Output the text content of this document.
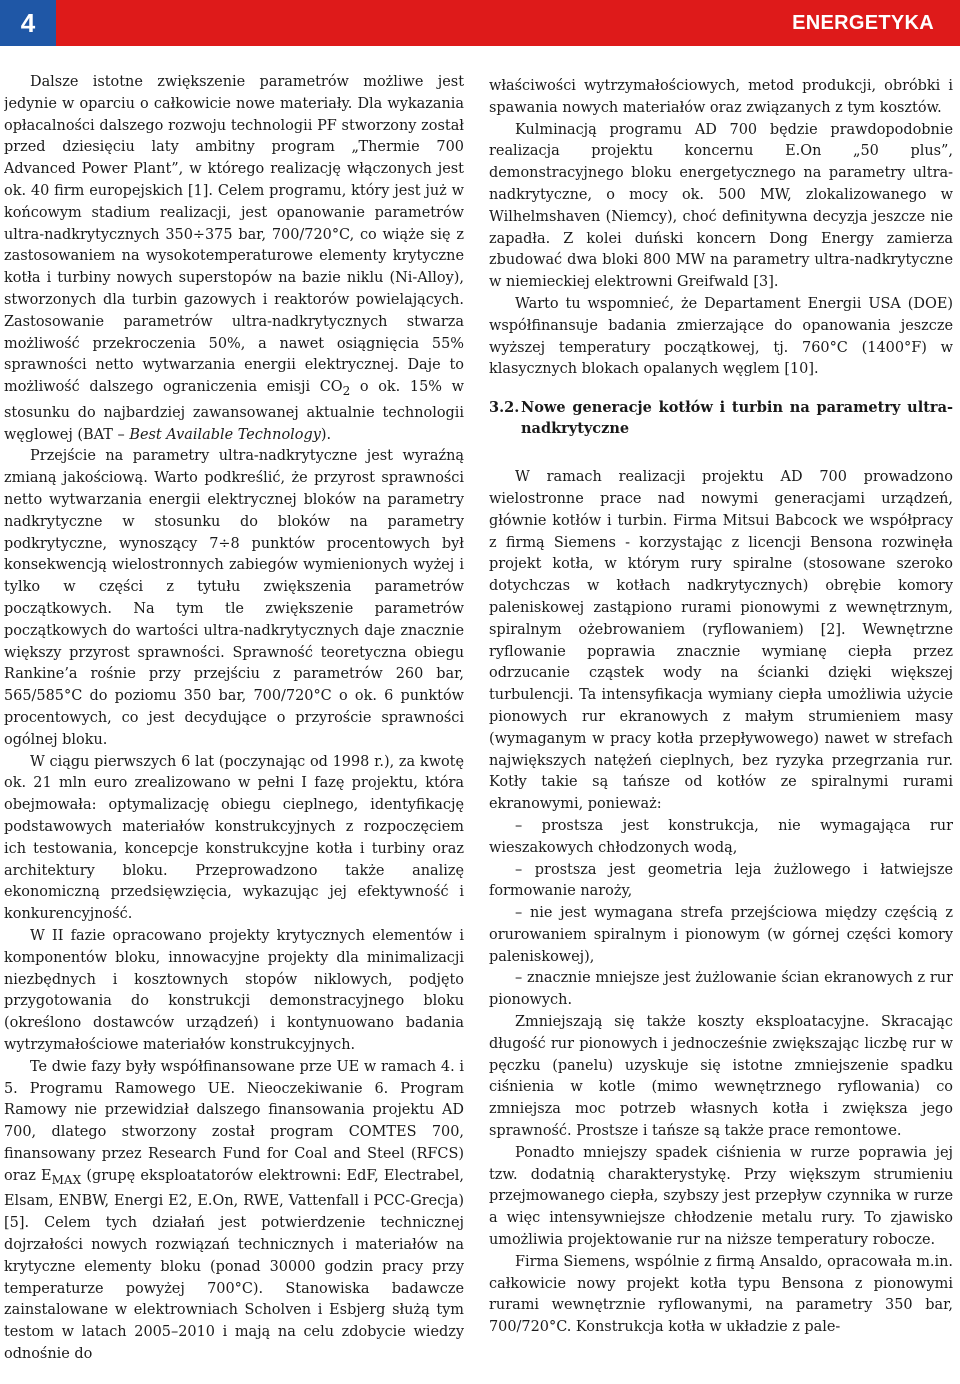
4	ENERGETYKA

Dalsze istotne zwiększenie parametrów możliwe jest jedynie w oparciu o całkowicie nowe materiały. Dla wykazania opłacalności dalszego rozwoju technologii PF stworzony został przed dziesięciu laty ambitny program „Thermie 700 Advanced Power Plant”, w którego realizację włączonych jest ok. 40 firm europejskich [1]. Celem programu, który jest już w końcowym stadium realizacji, jest opanowanie parametrów ultra-nadkrytycznych 350÷375 bar, 700/720°C, co wiąże się z zastosowaniem na wysokotemperaturowe elementy krytyczne kotła i turbiny nowych superstopów na bazie niklu (Ni-Alloy), stworzonych dla turbin gazowych i reaktorów powielających. Zastosowanie parametrów ultra-nadkrytycznych stwarza możliwość przekroczenia 50%, a nawet osiągnięcia 55% sprawności netto wytwarzania energii elektrycznej. Daje to możliwość dalszego ograniczenia emisji $CO_2$ o ok. 15% w stosunku do najbardziej zawansowanej aktualnie technologii węglowej (BAT – Best Available Technology).

Przejście na parametry ultra-nadkrytyczne jest wyraźną zmianą jakościową. Warto podkreślić, że przyrost sprawności netto wytwarzania energii elektrycznej bloków na parametry nadkrytyczne w stosunku do bloków na parametry podkrytyczne, wynoszący 7÷8 punktów procentowych był konsekwencją wielostronnych zabiegów wymienionych wyżej i tylko w części z tytułu zwiększenia parametrów początkowych. Na tym tle zwiększenie parametrów początkowych do wartości ultra-nadkrytycznych daje znacznie większy przyrost sprawności. Sprawność teoretyczna obiegu Rankine’a rośnie przy przejściu z parametrów 260 bar, 565/585°C do poziomu 350 bar, 700/720°C o ok. 6 punktów procentowych, co jest decydujące o przyroście sprawności ogólnej bloku.

W ciągu pierwszych 6 lat (poczynając od 1998 r.), za kwotę ok. 21 mln euro zrealizowano w pełni I fazę projektu, która obejmowała: optymalizację obiegu cieplnego, identyfikację podstawowych materiałów konstrukcyjnych z rozpoczęciem ich testowania, koncepcje konstrukcyjne kotła i turbiny oraz architektury bloku. Przeprowadzono także analizę ekonomiczną przedsięwzięcia, wykazując jej efektywność i konkurencyjność.

W II fazie opracowano projekty krytycznych elementów i komponentów bloku, innowacyjne projekty dla minimalizacji niezbędnych i kosztownych stopów niklowych, podjęto przygotowania do konstrukcji demonstracyjnego bloku (określono dostawców urządzeń) i kontynuowano badania wytrzymałościowe materiałów konstrukcyjnych.

Te dwie fazy były współfinansowane prze UE w ramach 4. i 5. Programu Ramowego UE. Nieoczekiwanie 6. Program Ramowy nie przewidział dalszego finansowania projektu AD 700, dlatego stworzony został program COMTES 700, finansowany przez Research Fund for Coal and Steel (RFCS) oraz $E_{MAX}$ (grupę eksploatatorów elektrowni: EdF, Electrabel, Elsam, ENBW, Energi E2, E.On, RWE, Vattenfall i PCC-Grecja) [5]. Celem tych działań jest potwierdzenie technicznej dojrzałości nowych rozwiązań technicznych i materiałów na krytyczne elementy bloku (ponad 30000 godzin pracy przy temperaturze powyżej 700°C). Stanowiska badawcze zainstalowane w elektrowniach Scholven i Esbjerg służą tym testom w latach 2005–2010 i mają na celu zdobycie wiedzy odnośnie do

właściwości wytrzymałościowych, metod produkcji, obróbki i spawania nowych materiałów oraz związanych z tym kosztów.

Kulminacją programu AD 700 będzie prawdopodobnie realizacja projektu koncernu E.On „50 plus”, demonstracyjnego bloku energetycznego na parametry ultra-nadkrytyczne, o mocy ok. 500 MW, zlokalizowanego w Wilhelmshaven (Niemcy), choć definitywna decyzja jeszcze nie zapadła. Z kolei duński koncern Dong Energy zamierza zbudować dwa bloki 800 MW na parametry ultra-nadkrytyczne w niemieckiej elektrowni Greifwald [3].

Warto tu wspomnieć, że Departament Energii USA (DOE) współfinansuje badania zmierzające do opanowania jeszcze wyższej temperatury początkowej, tj. 760°C (1400°F) w klasycznych blokach opalanych węglem [10].

3.2. Nowe generacje kotłów i turbin na parametry ultra-nadkrytyczne

W ramach realizacji projektu AD 700 prowadzono wielostronne prace nad nowymi generacjami urządzeń, głównie kotłów i turbin. Firma Mitsui Babcock we współpracy z firmą Siemens - korzystając z licencji Bensona rozwinęła projekt kotła, w którym rury spiralne (stosowane szeroko dotychczas w kotłach nadkrytycznych) obrębie komory paleniskowej zastąpiono rurami pionowymi z wewnętrznym, spiralnym ożebrowaniem (ryflowaniem) [2]. Wewnętrzne ryflowanie poprawia znacznie wymianę ciepła przez odrzucanie cząstek wody na ścianki dzięki większej turbulencji. Ta intensyfikacja wymiany ciepła umożliwia użycie pionowych rur ekranowych z małym strumieniem masy (wymaganym w pracy kotła przepływowego) nawet w strefach największych natężeń cieplnych, bez ryzyka przegrzania rur. Kotły takie są tańsze od kotłów ze spiralnymi rurami ekranowymi, ponieważ:

– prostsza jest konstrukcja, nie wymagająca rur wieszakowych chłodzonych wodą,

– prostsza jest geometria leja żużlowego i łatwiejsze formowanie naroży,

– nie jest wymagana strefa przejściowa między częścią z orurowaniem spiralnym i pionowym (w górnej części komory paleniskowej),

– znacznie mniejsze jest żużlowanie ścian ekranowych z rur pionowych.

Zmniejszają się także koszty eksploatacyjne. Skracając długość rur pionowych i jednocześnie zwiększając liczbę rur w pęczku (panelu) uzyskuje się istotne zmniejszenie spadku ciśnienia w kotle (mimo wewnętrznego ryflowania) co zmniejsza moc potrzeb własnych kotła i zwiększa jego sprawność. Prostsze i tańsze są także prace remontowe.

Ponadto mniejszy spadek ciśnienia w rurze poprawia jej tzw. dodatnią charakterystykę. Przy większym strumieniu przejmowanego ciepła, szybszy jest przepływ czynnika w rurze a więc intensywniejsze chłodzenie metalu rury. To zjawisko umożliwia projektowanie rur na niższe temperatury robocze.

Firma Siemens, wspólnie z firmą Ansaldo, opracowała m.in. całkowicie nowy projekt kotła typu Bensona z pionowymi rurami wewnętrznie ryflowanymi, na parametry 350 bar, 700/720°C. Konstrukcja kotła w układzie z pale-
